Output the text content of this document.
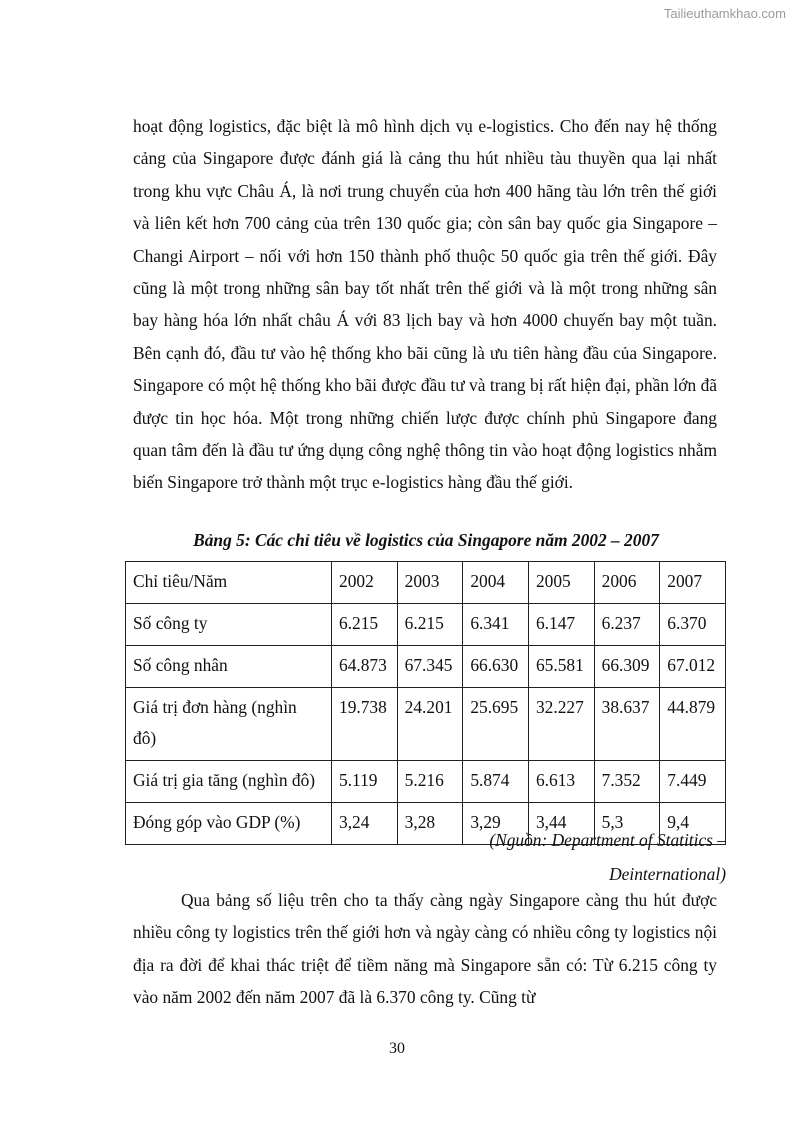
Tailieuthamkhao.com

hoạt động logistics, đặc biệt là mô hình dịch vụ e-logistics. Cho đến nay hệ thống cảng của Singapore được đánh giá là cảng thu hút nhiều tàu thuyền qua lại nhất trong khu vực Châu Á, là nơi trung chuyển của hơn 400 hãng tàu lớn trên thế giới và liên kết hơn 700 cảng của trên 130 quốc gia; còn sân bay quốc gia Singapore – Changi Airport – nối với hơn 150 thành phố thuộc 50 quốc gia trên thế giới. Đây cũng là một trong những sân bay tốt nhất trên thế giới và là một trong những sân bay hàng hóa lớn nhất châu Á với 83 lịch bay và hơn 4000 chuyến bay một tuần. Bên cạnh đó, đầu tư vào hệ thống kho bãi cũng là ưu tiên hàng đầu của Singapore. Singapore có một hệ thống kho bãi được đầu tư và trang bị rất hiện đại, phần lớn đã được tin học hóa. Một trong những chiến lược được chính phủ Singapore đang quan tâm đến là đầu tư ứng dụng công nghệ thông tin vào hoạt động logistics nhằm biến Singapore trở thành một trục e-logistics hàng đầu thế giới.

Bảng 5: Các chỉ tiêu về logistics của Singapore năm 2002 – 2007

Chỉ tiêu/Năm	2002	2003	2004	2005	2006	2007
Số công ty	6.215	6.215	6.341	6.147	6.237	6.370
Số công nhân	64.873	67.345	66.630	65.581	66.309	67.012
Giá trị đơn hàng (nghìn đô)	19.738	24.201	25.695	32.227	38.637	44.879
Giá trị gia tăng (nghìn đô)	5.119	5.216	5.874	6.613	7.352	7.449
Đóng góp vào GDP (%)	3,24	3,28	3,29	3,44	5,3	9,4

(Nguồn: Department of Statitics –
Deinternational)

Qua bảng số liệu trên cho ta thấy càng ngày Singapore càng thu hút được nhiều công ty logistics trên thế giới hơn và ngày càng có nhiều công ty logistics nội địa ra đời để khai thác triệt để tiềm năng mà Singapore sẵn có: Từ 6.215 công ty vào năm 2002 đến năm 2007 đã là 6.370 công ty. Cũng từ

30
